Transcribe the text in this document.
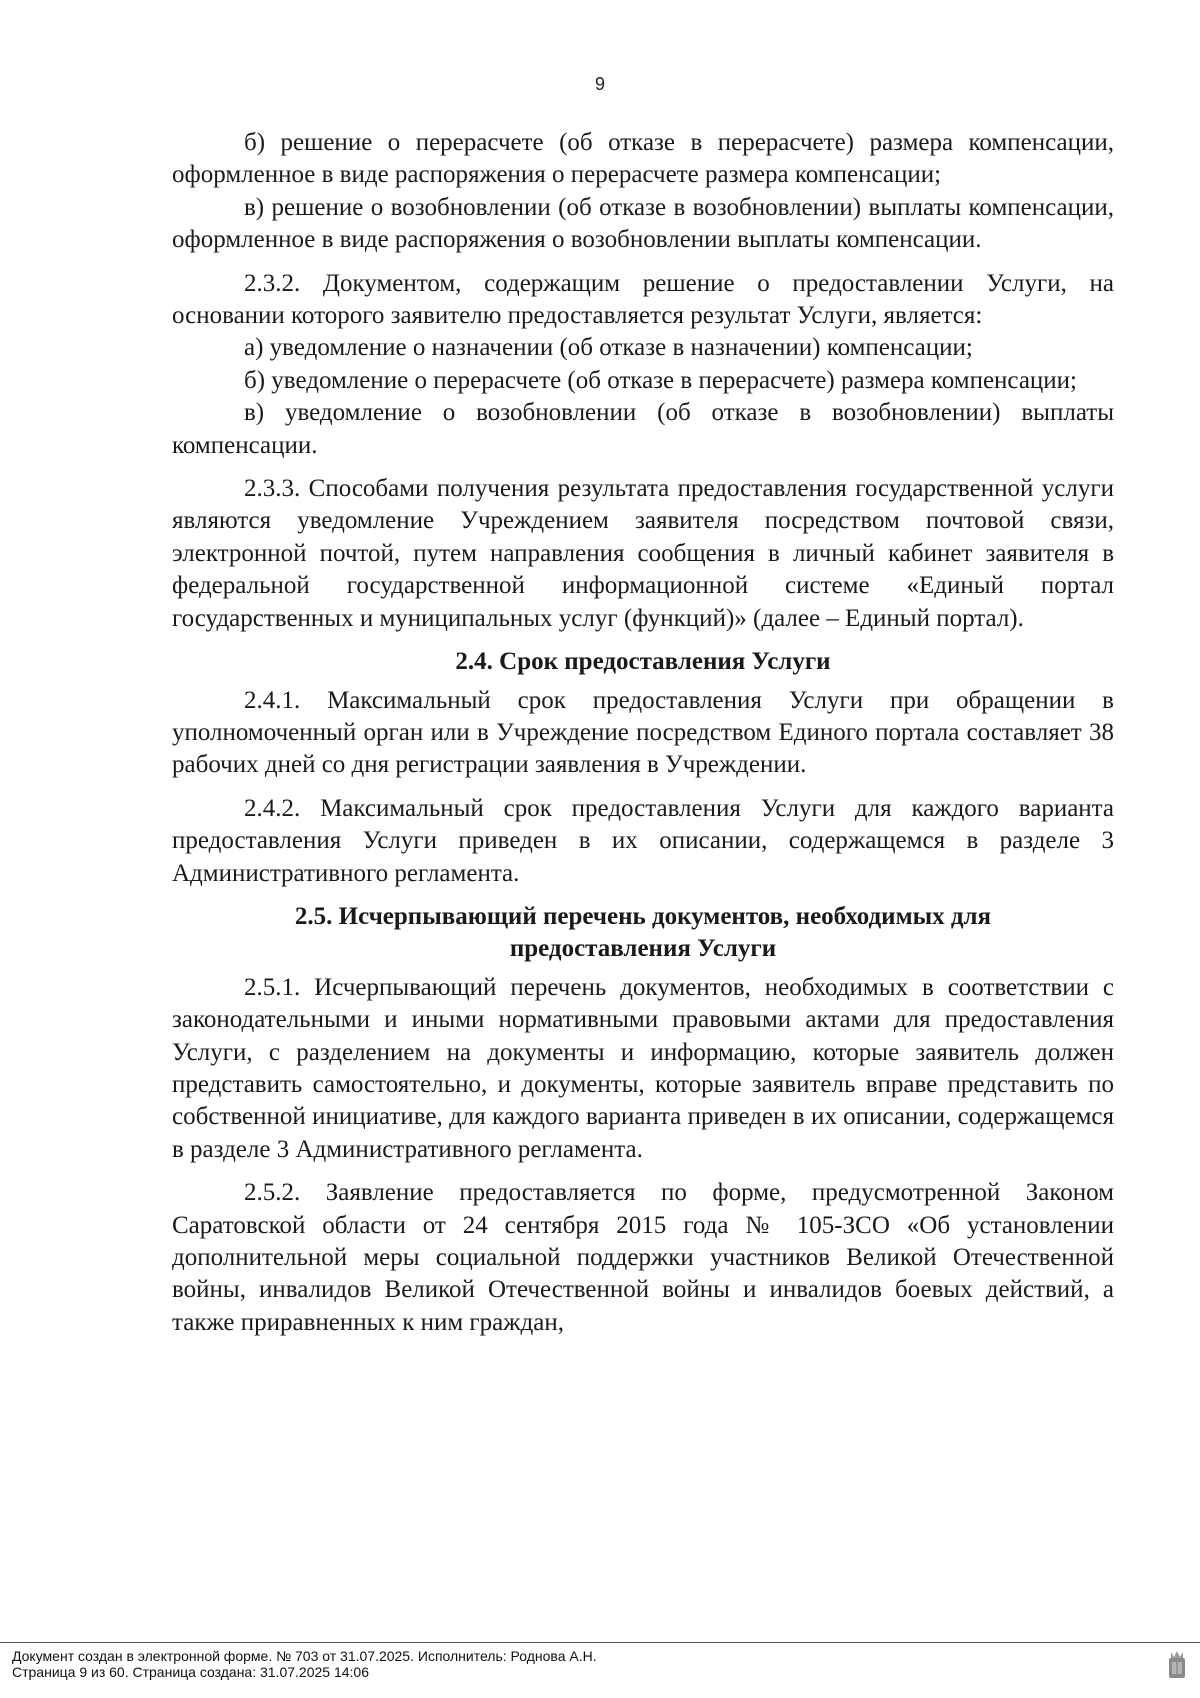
9

б) решение о перерасчете (об отказе в перерасчете) размера компенсации, оформленное в виде распоряжения о перерасчете размера компенсации;

в) решение о возобновлении (об отказе в возобновлении) выплаты компенсации, оформленное в виде распоряжения о возобновлении выплаты компенсации.

2.3.2. Документом, содержащим решение о предоставлении Услуги, на основании которого заявителю предоставляется результат Услуги, является:

а) уведомление о назначении (об отказе в назначении) компенсации;

б) уведомление о перерасчете (об отказе в перерасчете) размера компенсации;

в) уведомление о возобновлении (об отказе в возобновлении) выплаты компенсации.

2.3.3. Способами получения результата предоставления государственной услуги являются уведомление Учреждением заявителя посредством почтовой связи, электронной почтой, путем направления сообщения в личный кабинет заявителя в федеральной государственной информационной системе «Единый портал государственных и муниципальных услуг (функций)» (далее – Единый портал).

2.4. Срок предоставления Услуги

2.4.1. Максимальный срок предоставления Услуги при обращении в уполномоченный орган или в Учреждение посредством Единого портала составляет 38 рабочих дней со дня регистрации заявления в Учреждении.

2.4.2. Максимальный срок предоставления Услуги для каждого варианта предоставления Услуги приведен в их описании, содержащемся в разделе 3 Административного регламента.

2.5. Исчерпывающий перечень документов, необходимых для предоставления Услуги

2.5.1. Исчерпывающий перечень документов, необходимых в соответствии с законодательными и иными нормативными правовыми актами для предоставления Услуги, с разделением на документы и информацию, которые заявитель должен представить самостоятельно, и документы, которые заявитель вправе представить по собственной инициативе, для каждого варианта приведен в их описании, содержащемся в разделе 3 Административного регламента.

2.5.2. Заявление предоставляется по форме, предусмотренной Законом Саратовской области от 24 сентября 2015 года № 105-ЗСО «Об установлении дополнительной меры социальной поддержки участников Великой Отечественной войны, инвалидов Великой Отечественной войны и инвалидов боевых действий, а также приравненных к ним граждан,

Документ создан в электронной форме. № 703 от 31.07.2025. Исполнитель: Роднова А.Н.
Страница 9 из 60. Страница создана: 31.07.2025 14:06
